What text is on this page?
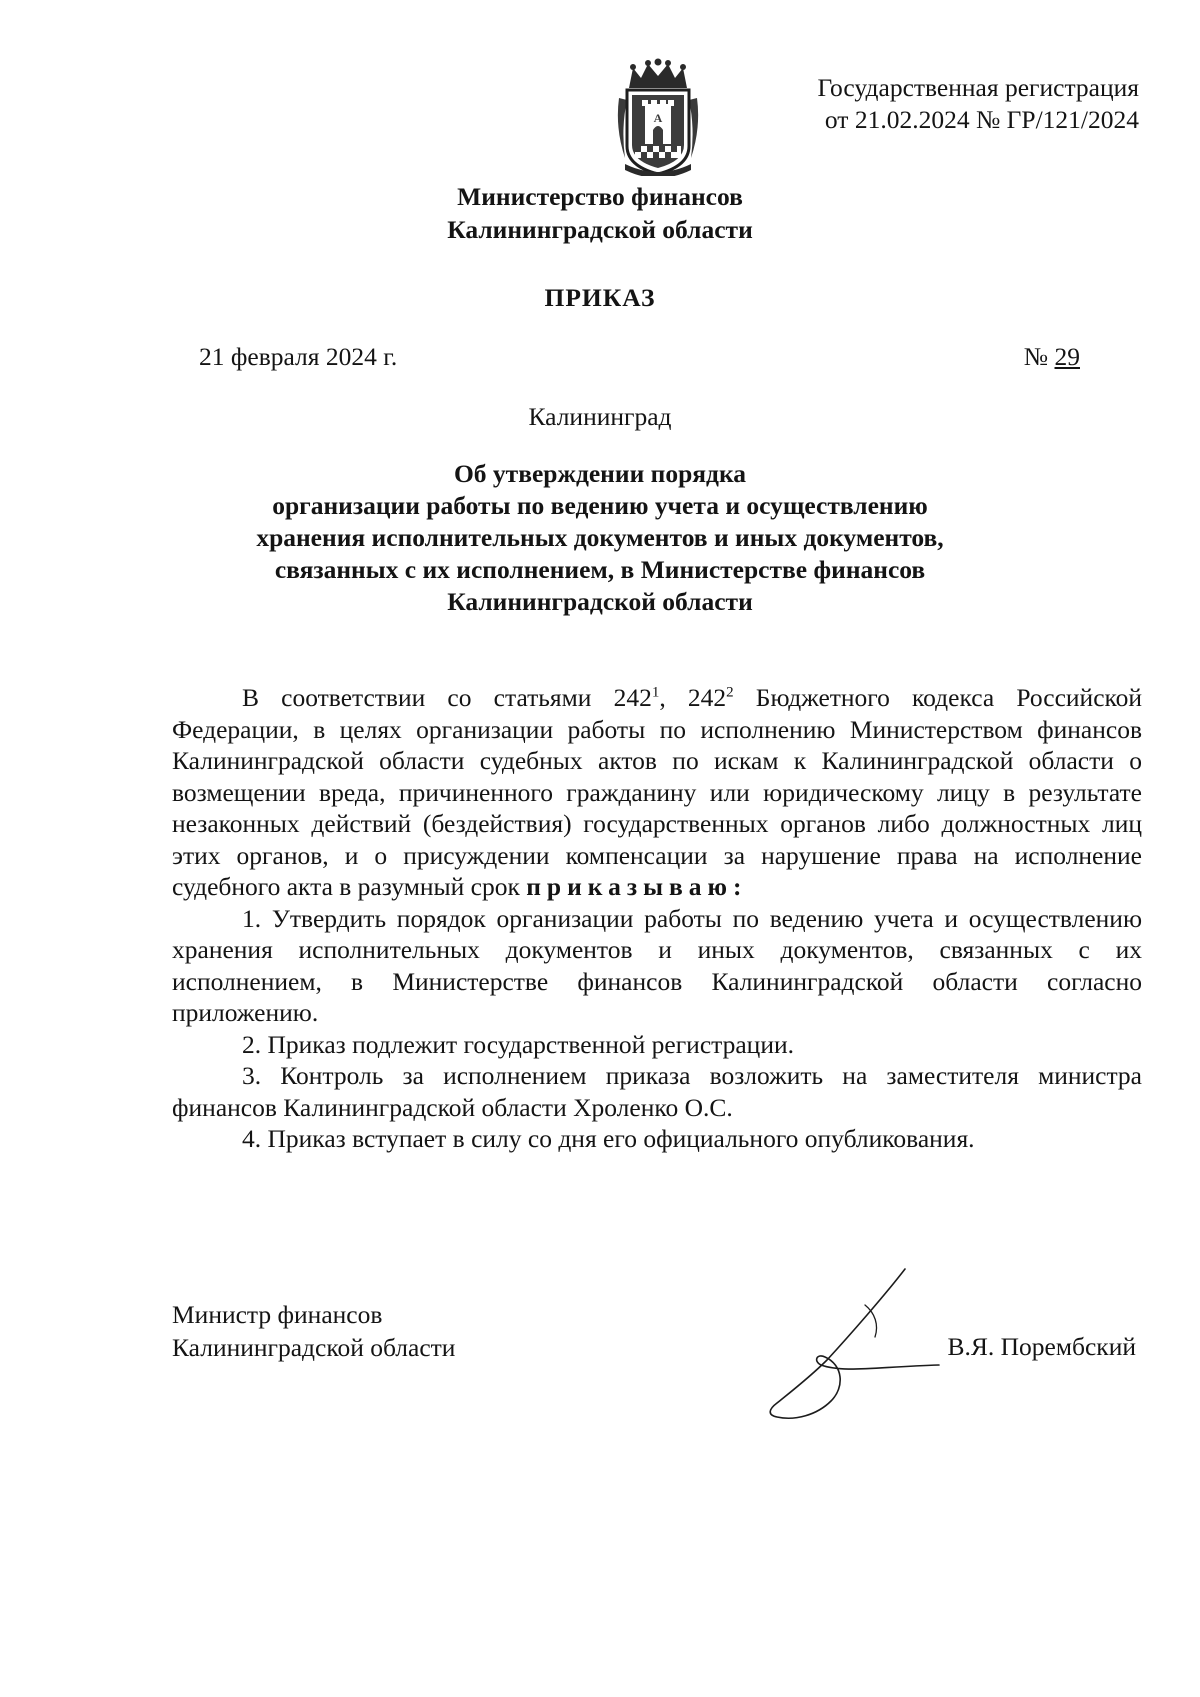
А
Государственная регистрация
от 21.02.2024 № ГР/121/2024
Министерство финансов
Калининградской области
ПРИКАЗ
21 февраля 2024 г.	№ 29
Калининград
Об утверждении порядка
организации работы по ведению учета и осуществлению
хранения исполнительных документов и иных документов,
связанных с их исполнением, в Министерстве финансов
Калининградской области

В соответствии со статьями $242^1$, $242^2$ Бюджетного кодекса Российской Федерации, в целях организации работы по исполнению Министерством финансов Калининградской области судебных актов по искам к Калининградской области о возмещении вреда, причиненного гражданину или юридическому лицу в результате незаконных действий (бездействия) государственных органов либо должностных лиц этих органов, и о присуждении компенсации за нарушение права на исполнение судебного акта в разумный срок приказываю:

1. Утвердить порядок организации работы по ведению учета и осуществлению хранения исполнительных документов и иных документов, связанных с их исполнением, в Министерстве финансов Калининградской области согласно приложению.

2. Приказ подлежит государственной регистрации.

3. Контроль за исполнением приказа возложить на заместителя министра финансов Калининградской области Хроленко О.С.

4. Приказ вступает в силу со дня его официального опубликования.

Министр финансов
Калининградской области	В.Я. Порембский
